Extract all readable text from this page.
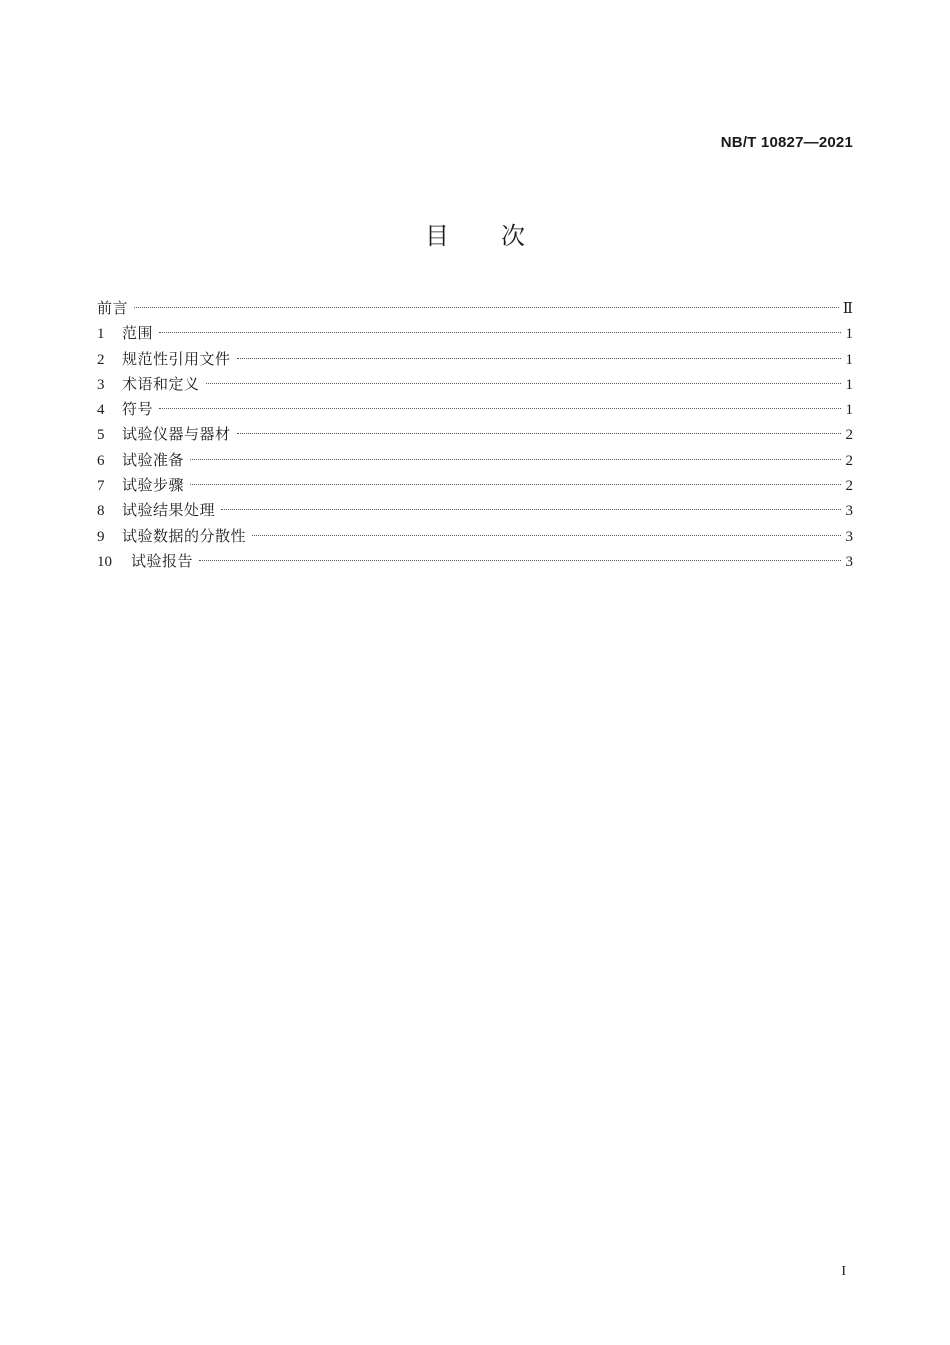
NB/T 10827—2021
目次
前言	Ⅱ
1	范围	1
2	规范性引用文件	1
3	术语和定义	1
4	符号	1
5	试验仪器与器材	2
6	试验准备	2
7	试验步骤	2
8	试验结果处理	3
9	试验数据的分散性	3
10	试验报告	3
I
